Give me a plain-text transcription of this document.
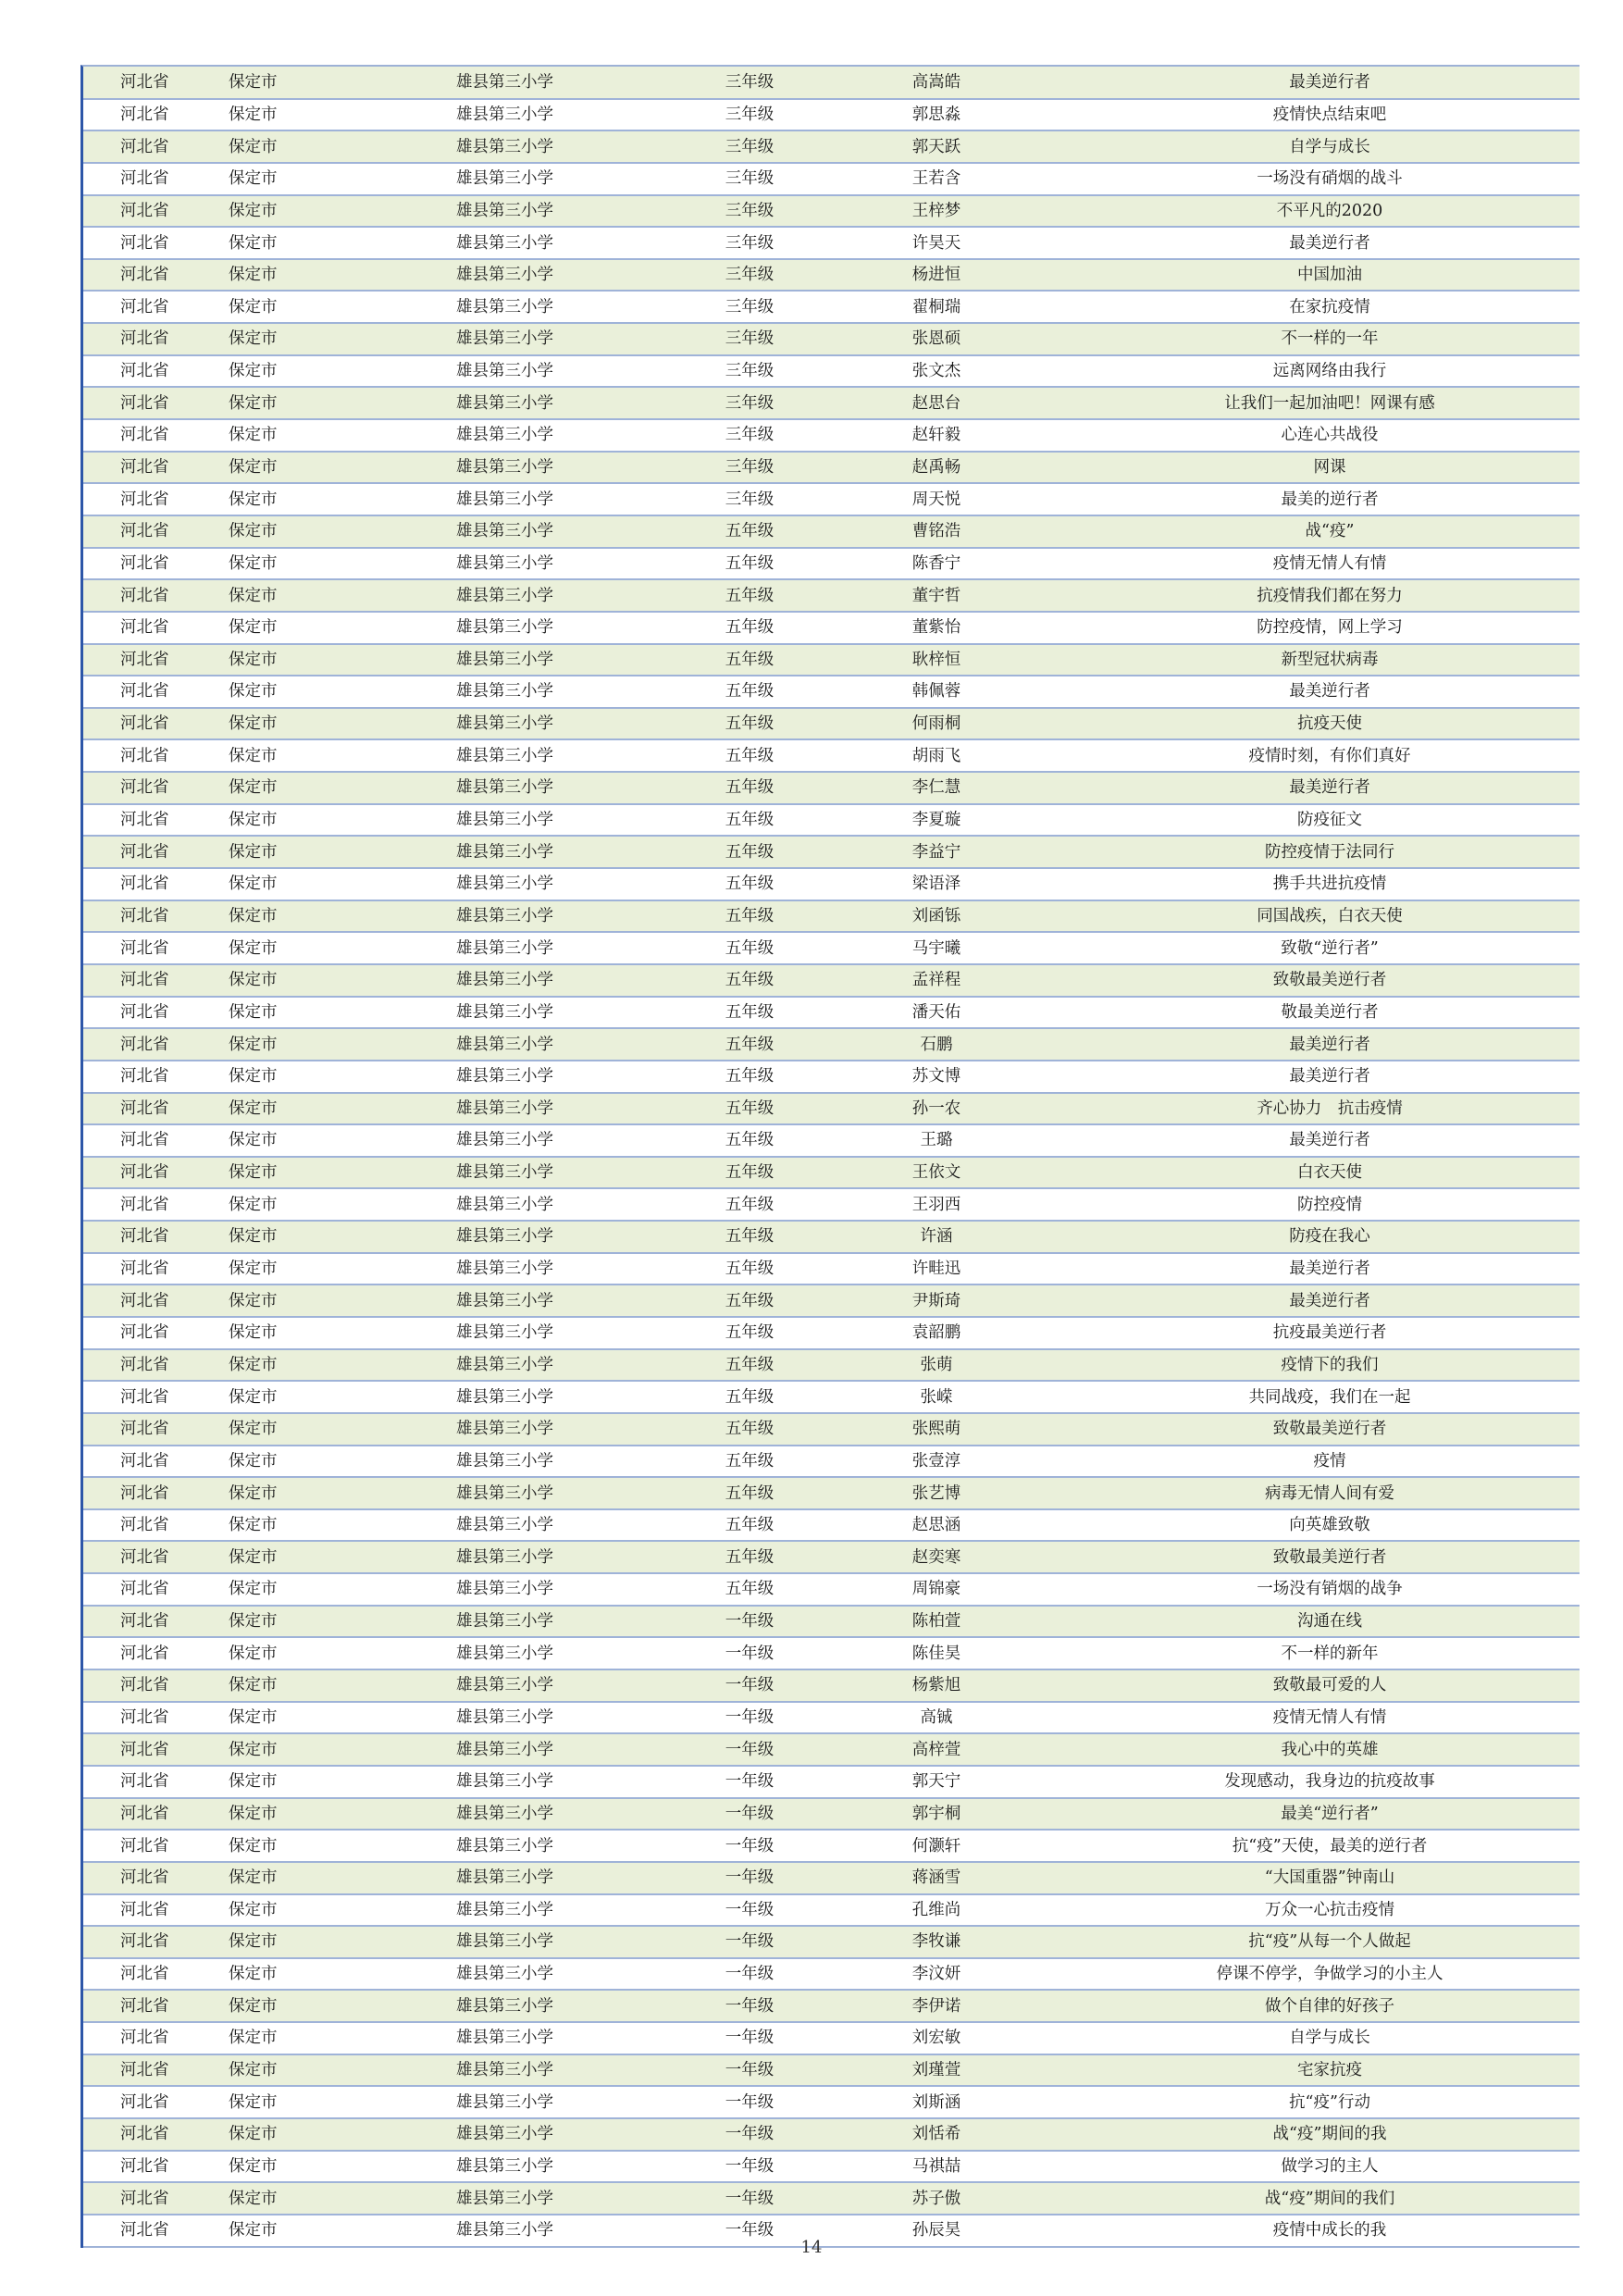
河北省	保定市	雄县第三小学	三年级	高嵩皓	最美逆行者
河北省	保定市	雄县第三小学	三年级	郭思淼	疫情快点结束吧
河北省	保定市	雄县第三小学	三年级	郭天跃	自学与成长
河北省	保定市	雄县第三小学	三年级	王若含	一场没有硝烟的战斗
河北省	保定市	雄县第三小学	三年级	王梓梦	不平凡的2020
河北省	保定市	雄县第三小学	三年级	许昊天	最美逆行者
河北省	保定市	雄县第三小学	三年级	杨进恒	中国加油
河北省	保定市	雄县第三小学	三年级	翟桐瑞	在家抗疫情
河北省	保定市	雄县第三小学	三年级	张恩硕	不一样的一年
河北省	保定市	雄县第三小学	三年级	张文杰	远离网络由我行
河北省	保定市	雄县第三小学	三年级	赵思台	让我们一起加油吧！网课有感
河北省	保定市	雄县第三小学	三年级	赵轩毅	心连心共战役
河北省	保定市	雄县第三小学	三年级	赵禹畅	网课
河北省	保定市	雄县第三小学	三年级	周天悦	最美的逆行者
河北省	保定市	雄县第三小学	五年级	曹铭浩	战“疫”
河北省	保定市	雄县第三小学	五年级	陈香宁	疫情无情人有情
河北省	保定市	雄县第三小学	五年级	董宇哲	抗疫情我们都在努力
河北省	保定市	雄县第三小学	五年级	董紫怡	防控疫情，网上学习
河北省	保定市	雄县第三小学	五年级	耿梓恒	新型冠状病毒
河北省	保定市	雄县第三小学	五年级	韩佩蓉	最美逆行者
河北省	保定市	雄县第三小学	五年级	何雨桐	抗疫天使
河北省	保定市	雄县第三小学	五年级	胡雨飞	疫情时刻，有你们真好
河北省	保定市	雄县第三小学	五年级	李仁慧	最美逆行者
河北省	保定市	雄县第三小学	五年级	李夏璇	防疫征文
河北省	保定市	雄县第三小学	五年级	李益宁	防控疫情于法同行
河北省	保定市	雄县第三小学	五年级	梁语泽	携手共进抗疫情
河北省	保定市	雄县第三小学	五年级	刘函铄	同国战疾，白衣天使
河北省	保定市	雄县第三小学	五年级	马宇曦	致敬“逆行者”
河北省	保定市	雄县第三小学	五年级	孟祥程	致敬最美逆行者
河北省	保定市	雄县第三小学	五年级	潘天佑	敬最美逆行者
河北省	保定市	雄县第三小学	五年级	石鹏	最美逆行者
河北省	保定市	雄县第三小学	五年级	苏文博	最美逆行者
河北省	保定市	雄县第三小学	五年级	孙一农	齐心协力　抗击疫情
河北省	保定市	雄县第三小学	五年级	王璐	最美逆行者
河北省	保定市	雄县第三小学	五年级	王依文	白衣天使
河北省	保定市	雄县第三小学	五年级	王羽西	防控疫情
河北省	保定市	雄县第三小学	五年级	许涵	防疫在我心
河北省	保定市	雄县第三小学	五年级	许畦迅	最美逆行者
河北省	保定市	雄县第三小学	五年级	尹斯琦	最美逆行者
河北省	保定市	雄县第三小学	五年级	袁韶鹏	抗疫最美逆行者
河北省	保定市	雄县第三小学	五年级	张萌	疫情下的我们
河北省	保定市	雄县第三小学	五年级	张嵘	共同战疫，我们在一起
河北省	保定市	雄县第三小学	五年级	张熙萌	致敬最美逆行者
河北省	保定市	雄县第三小学	五年级	张壹淳	疫情
河北省	保定市	雄县第三小学	五年级	张艺博	病毒无情人间有爱
河北省	保定市	雄县第三小学	五年级	赵思涵	向英雄致敬
河北省	保定市	雄县第三小学	五年级	赵奕寒	致敬最美逆行者
河北省	保定市	雄县第三小学	五年级	周锦豪	一场没有销烟的战争
河北省	保定市	雄县第三小学	一年级	陈柏萱	沟通在线
河北省	保定市	雄县第三小学	一年级	陈佳昊	不一样的新年
河北省	保定市	雄县第三小学	一年级	杨紫旭	致敬最可爱的人
河北省	保定市	雄县第三小学	一年级	高铖	疫情无情人有情
河北省	保定市	雄县第三小学	一年级	高梓萱	我心中的英雄
河北省	保定市	雄县第三小学	一年级	郭天宁	发现感动，我身边的抗疫故事
河北省	保定市	雄县第三小学	一年级	郭宇桐	最美“逆行者”
河北省	保定市	雄县第三小学	一年级	何灏轩	抗“疫”天使，最美的逆行者
河北省	保定市	雄县第三小学	一年级	蒋涵雪	“大国重器”钟南山
河北省	保定市	雄县第三小学	一年级	孔维尚	万众一心抗击疫情
河北省	保定市	雄县第三小学	一年级	李牧谦	抗“疫”从每一个人做起
河北省	保定市	雄县第三小学	一年级	李汶妍	停课不停学，争做学习的小主人
河北省	保定市	雄县第三小学	一年级	李伊诺	做个自律的好孩子
河北省	保定市	雄县第三小学	一年级	刘宏敏	自学与成长
河北省	保定市	雄县第三小学	一年级	刘瑾萱	宅家抗疫
河北省	保定市	雄县第三小学	一年级	刘斯涵	抗“疫”行动
河北省	保定市	雄县第三小学	一年级	刘恬希	战“疫”期间的我
河北省	保定市	雄县第三小学	一年级	马祺喆	做学习的主人
河北省	保定市	雄县第三小学	一年级	苏子傲	战“疫”期间的我们
河北省	保定市	雄县第三小学	一年级	孙辰昊	疫情中成长的我
14
